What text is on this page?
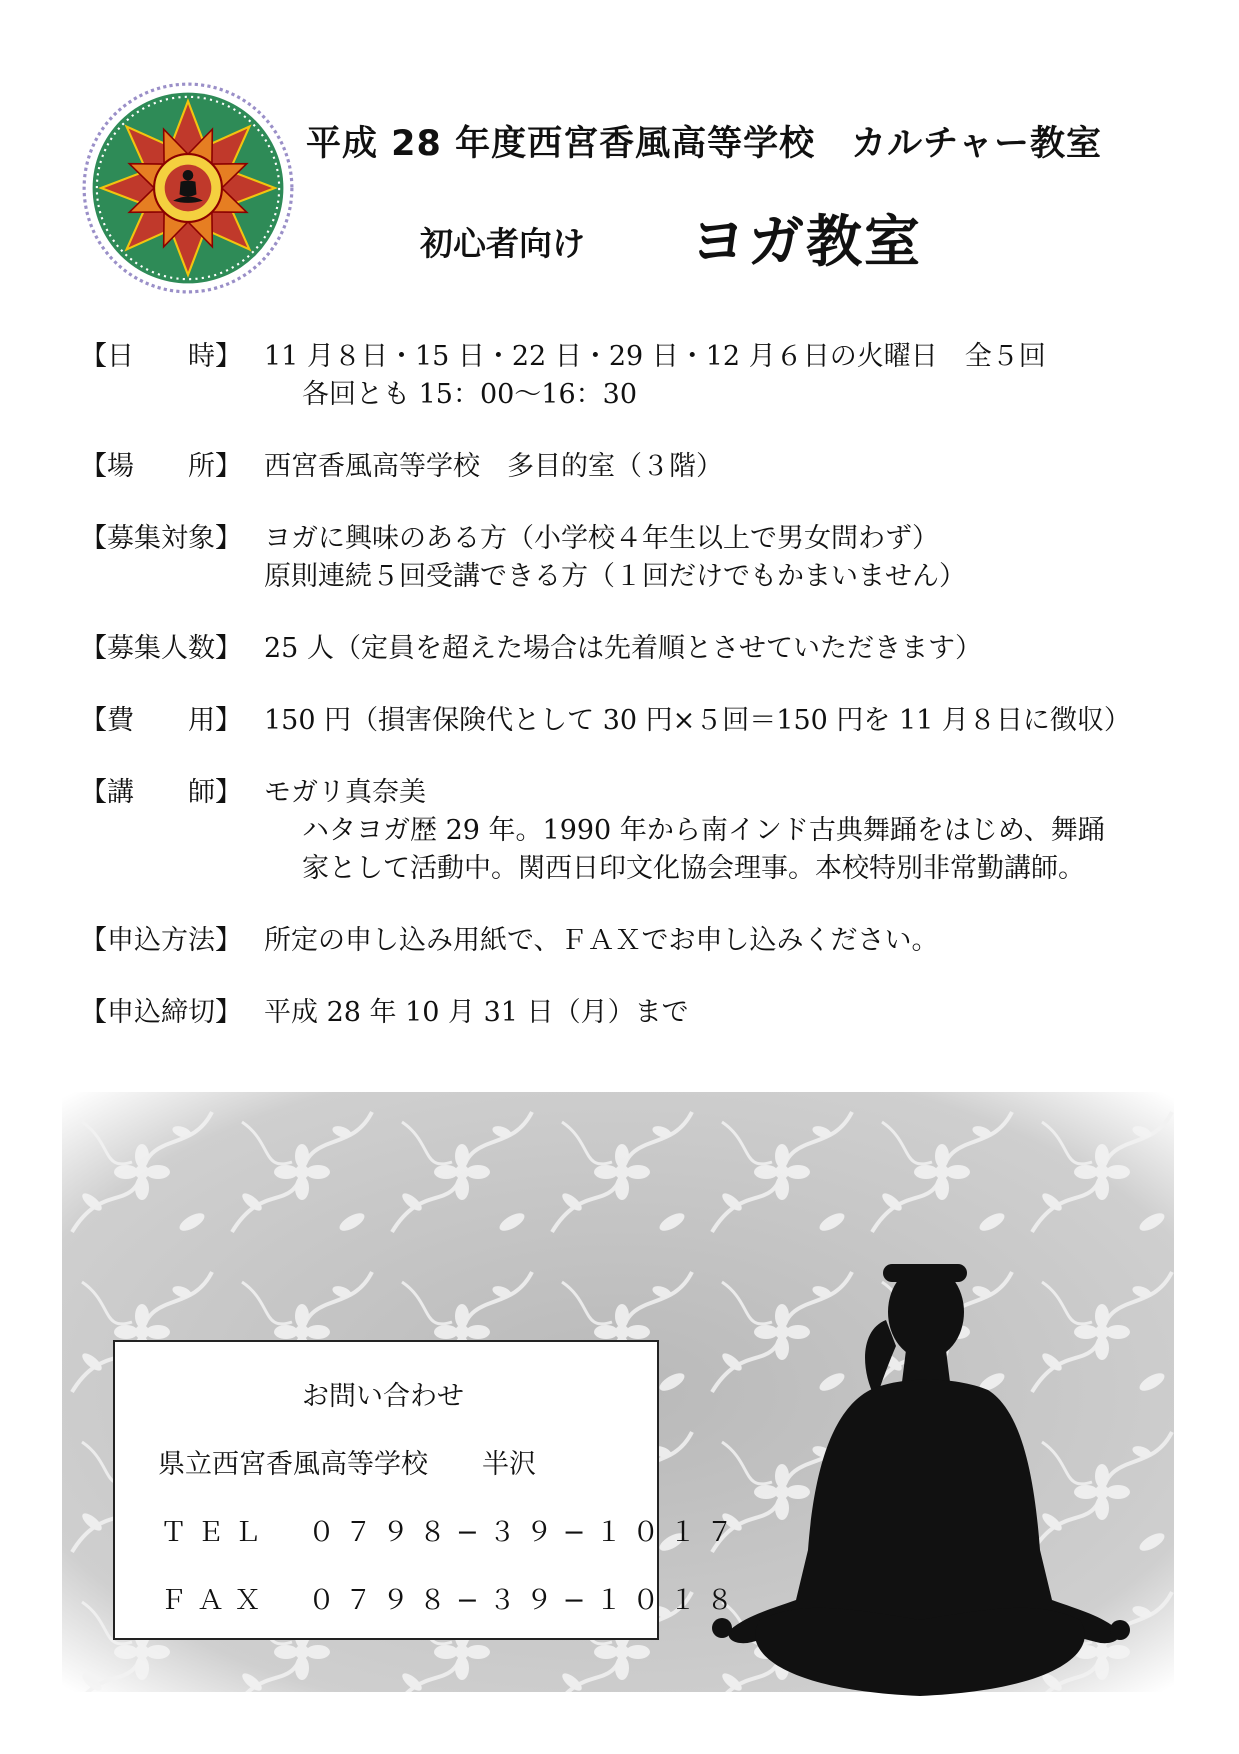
平成 28 年度西宮香風高等学校　カルチャー教室
初心者向け ヨガ教室
【日　　時】 11 月８日・15 日・22 日・29 日・12 月６日の火曜日　全５回
各回とも 15：00〜16：30
【場　　所】 西宮香風高等学校　多目的室（３階）
【募集対象】 ヨガに興味のある方（小学校４年生以上で男女問わず）
原則連続５回受講できる方（１回だけでもかまいません）
【募集人数】 25 人（定員を超えた場合は先着順とさせていただきます）
【費　　用】 150 円（損害保険代として 30 円×５回＝150 円を 11 月８日に徴収）
【講　　師】 モガリ真奈美
ハタヨガ歴 29 年。1990 年から南インド古典舞踊をはじめ、舞踊
家として活動中。関西日印文化協会理事。本校特別非常勤講師。
【申込方法】 所定の申し込み用紙で、ＦＡＸでお申し込みください。
【申込締切】 平成 28 年 10 月 31 日（月）まで
お問い合わせ
県立西宮香風高等学校　　半沢
ＴＥＬ　０７９８−３９−１０１７
ＦＡＸ　０７９８−３９−１０１８
